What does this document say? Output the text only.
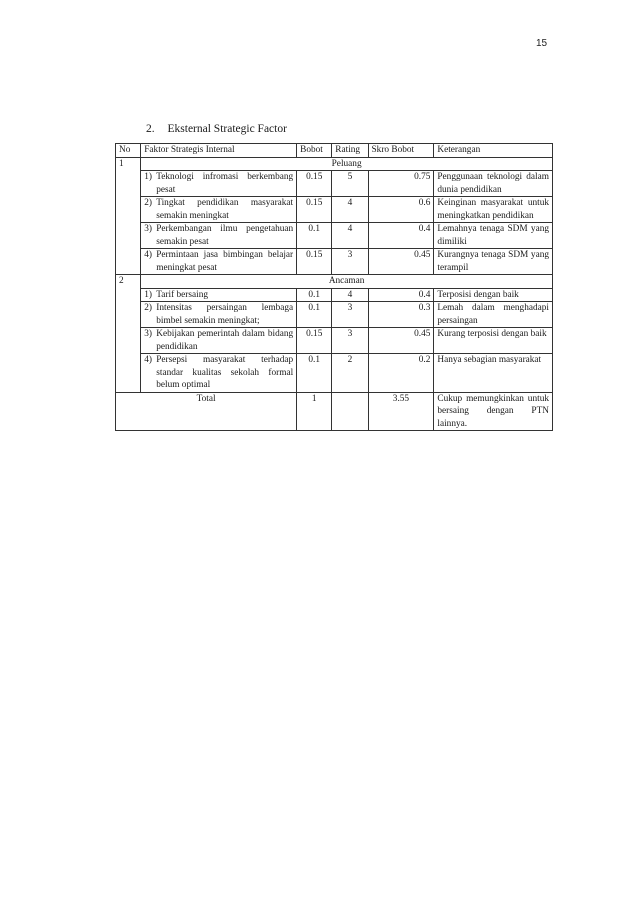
15
2. Eksternal Strategic Factor
No	Faktor Strategis Internal	Bobot	Rating	Skro Bobot	Keterangan
1	Peluang				

	1) Teknologi infromasi berkembang pesat	0.15	5	0.75	Penggunaan teknologi dalam dunia pendidikan

	2) Tingkat pendidikan masyarakat semakin meningkat	0.15	4	0.6	Keinginan masyarakat untuk meningkatkan pendidikan

	3) Perkembangan ilmu pengetahuan semakin pesat	0.1	4	0.4	Lemahnya tenaga SDM yang dimiliki

	4) Permintaan jasa bimbingan belajar meningkat pesat	0.15	3	0.45	Kurangnya tenaga SDM yang terampil
2	Ancaman				

	1) Tarif bersaing	0.1	4	0.4	Terposisi dengan baik

	2) Intensitas persaingan lembaga bimbel semakin meningkat;	0.1	3	0.3	Lemah dalam menghadapi persaingan

	3) Kebijakan pemerintah dalam bidang pendidikan	0.15	3	0.45	Kurang terposisi dengan baik

	4) Persepsi masyarakat terhadap standar kualitas sekolah formal belum optimal	0.1	2	0.2	Hanya sebagian masyarakat
Total		1		3.55	Cukup memungkinkan untuk bersaing dengan PTN lainnya.
